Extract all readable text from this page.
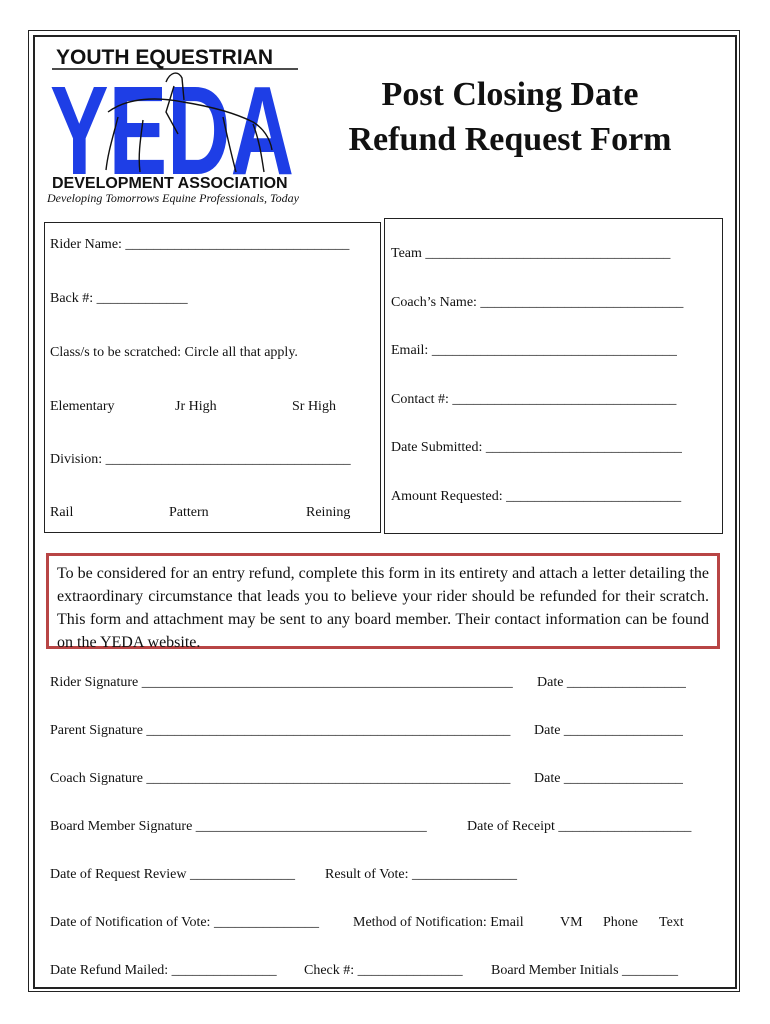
YOUTH EQUESTRIAN
YEDA
DEVELOPMENT ASSOCIATION
Post Closing Date
Refund Request Form
Developing Tomorrows Equine Professionals, Today
Rider Name: ________________________________
Back #: _____________
Class/s to be scratched: Circle all that apply.
Elementary	Jr High	Sr High
Division: ___________________________________
Rail	Pattern	Reining
Team ___________________________________
Coach’s Name: _____________________________
Email: ___________________________________
Contact #: ________________________________
Date Submitted: ____________________________
Amount Requested: _________________________
To be considered for an entry refund, complete this form in its entirety and attach a letter detailing the extraordinary circumstance that leads you to believe your rider should be refunded for their scratch. This form and attachment may be sent to any board member. Their contact information can be found on the YEDA website.
Rider Signature _____________________________________________________ Date _________________
Parent Signature ____________________________________________________ Date _________________
Coach Signature ____________________________________________________ Date _________________
Board Member Signature _________________________________	Date of Receipt ___________________
Date of Request Review _______________ Result of Vote: _______________
Date of Notification of Vote: _______________ Method of Notification: Email	VM Phone Text
Date Refund Mailed: _______________ Check #: _______________ Board Member Initials ________
